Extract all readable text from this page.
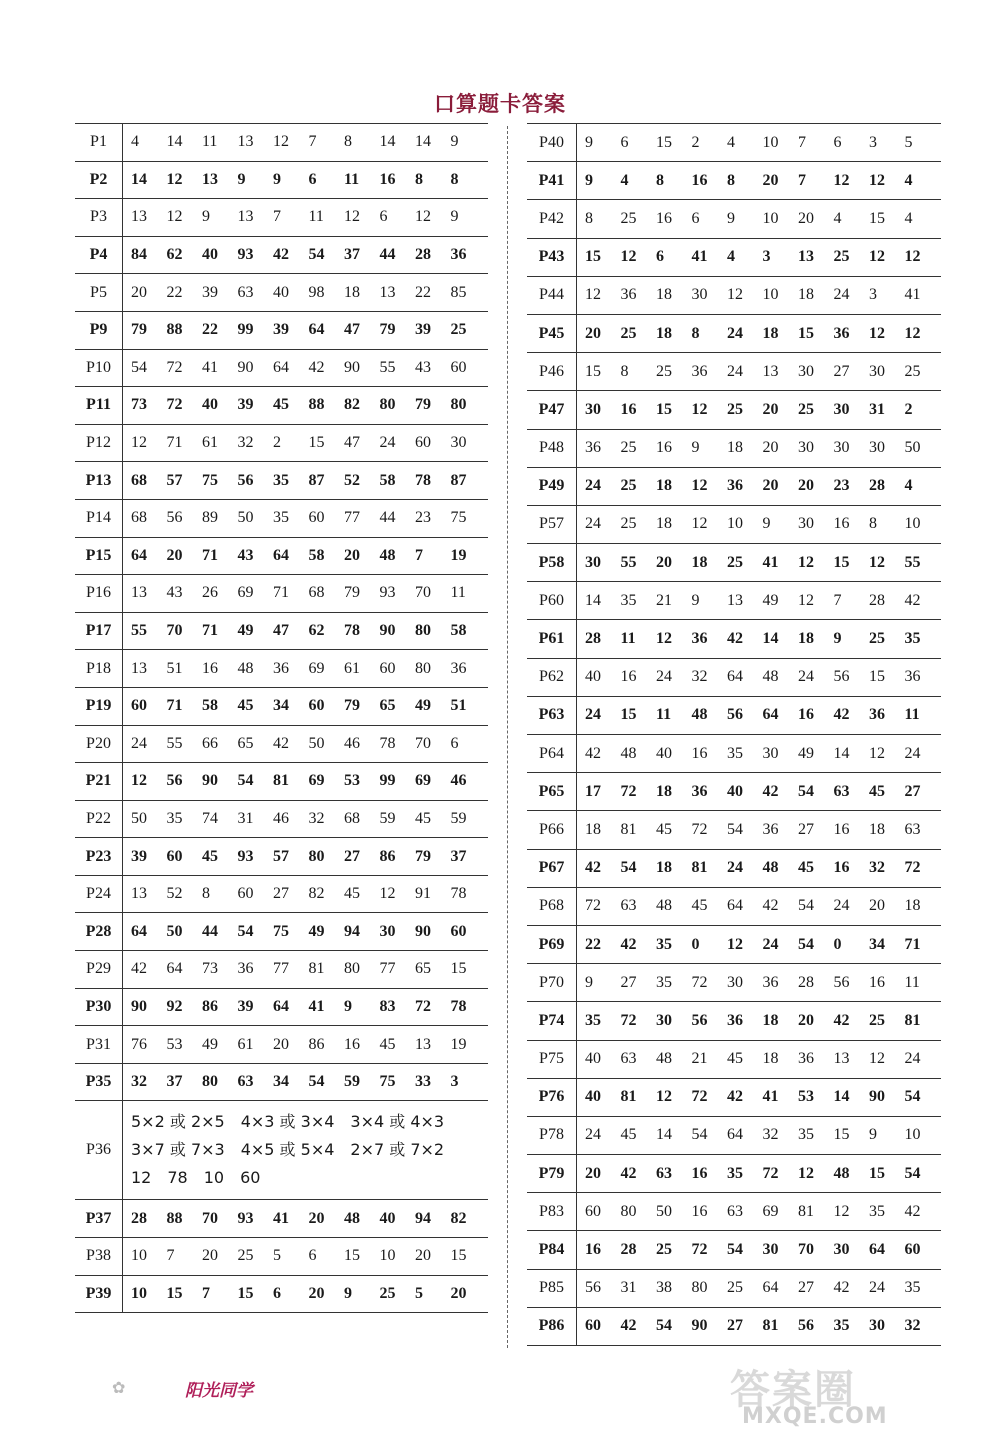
口算题卡答案
P1	4	14	11	13	12	7	8	14	14	9
P2	14	12	13	9	9	6	11	16	8	8
P3	13	12	9	13	7	11	12	6	12	9
P4	84	62	40	93	42	54	37	44	28	36
P5	20	22	39	63	40	98	18	13	22	85
P9	79	88	22	99	39	64	47	79	39	25
P10	54	72	41	90	64	42	90	55	43	60
P11	73	72	40	39	45	88	82	80	79	80
P12	12	71	61	32	2	15	47	24	60	30
P13	68	57	75	56	35	87	52	58	78	87
P14	68	56	89	50	35	60	77	44	23	75
P15	64	20	71	43	64	58	20	48	7	19
P16	13	43	26	69	71	68	79	93	70	11
P17	55	70	71	49	47	62	78	90	80	58
P18	13	51	16	48	36	69	61	60	80	36
P19	60	71	58	45	34	60	79	65	49	51
P20	24	55	66	65	42	50	46	78	70	6
P21	12	56	90	54	81	69	53	99	69	46
P22	50	35	74	31	46	32	68	59	45	59
P23	39	60	45	93	57	80	27	86	79	37
P24	13	52	8	60	27	82	45	12	91	78
P28	64	50	44	54	75	49	94	30	90	60
P29	42	64	73	36	77	81	80	77	65	15
P30	90	92	86	39	64	41	9	83	72	78
P31	76	53	49	61	20	86	16	45	13	19
P35	32	37	80	63	34	54	59	75	33	3
P36
5×2 或 2×5　4×3 或 3×4　3×4 或 4×3
3×7 或 7×3　4×5 或 5×4　2×7 或 7×2
12　78　10　60
P37	28	88	70	93	41	20	48	40	94	82
P38	10	7	20	25	5	6	15	10	20	15
P39	10	15	7	15	6	20	9	25	5	20
P40	9	6	15	2	4	10	7	6	3	5
P41	9	4	8	16	8	20	7	12	12	4
P42	8	25	16	6	9	10	20	4	15	4
P43	15	12	6	41	4	3	13	25	12	12
P44	12	36	18	30	12	10	18	24	3	41
P45	20	25	18	8	24	18	15	36	12	12
P46	15	8	25	36	24	13	30	27	30	25
P47	30	16	15	12	25	20	25	30	31	2
P48	36	25	16	9	18	20	30	30	30	50
P49	24	25	18	12	36	20	20	23	28	4
P57	24	25	18	12	10	9	30	16	8	10
P58	30	55	20	18	25	41	12	15	12	55
P60	14	35	21	9	13	49	12	7	28	42
P61	28	11	12	36	42	14	18	9	25	35
P62	40	16	24	32	64	48	24	56	15	36
P63	24	15	11	48	56	64	16	42	36	11
P64	42	48	40	16	35	30	49	14	12	24
P65	17	72	18	36	40	42	54	63	45	27
P66	18	81	45	72	54	36	27	16	18	63
P67	42	54	18	81	24	48	45	16	32	72
P68	72	63	48	45	64	42	54	24	20	18
P69	22	42	35	0	12	24	54	0	34	71
P70	9	27	35	72	30	36	28	56	16	11
P74	35	72	30	56	36	18	20	42	25	81
P75	40	63	48	21	45	18	36	13	12	24
P76	40	81	12	72	42	41	53	14	90	54
P78	24	45	14	54	64	32	35	15	9	10
P79	20	42	63	16	35	72	12	48	15	54
P83	60	80	50	16	63	69	81	12	35	42
P84	16	28	25	72	54	30	70	30	64	60
P85	56	31	38	80	25	64	27	42	24	35
P86	60	42	54	90	27	81	56	35	30	32
✿	阳光同学	答案圈
MXQE.COM
